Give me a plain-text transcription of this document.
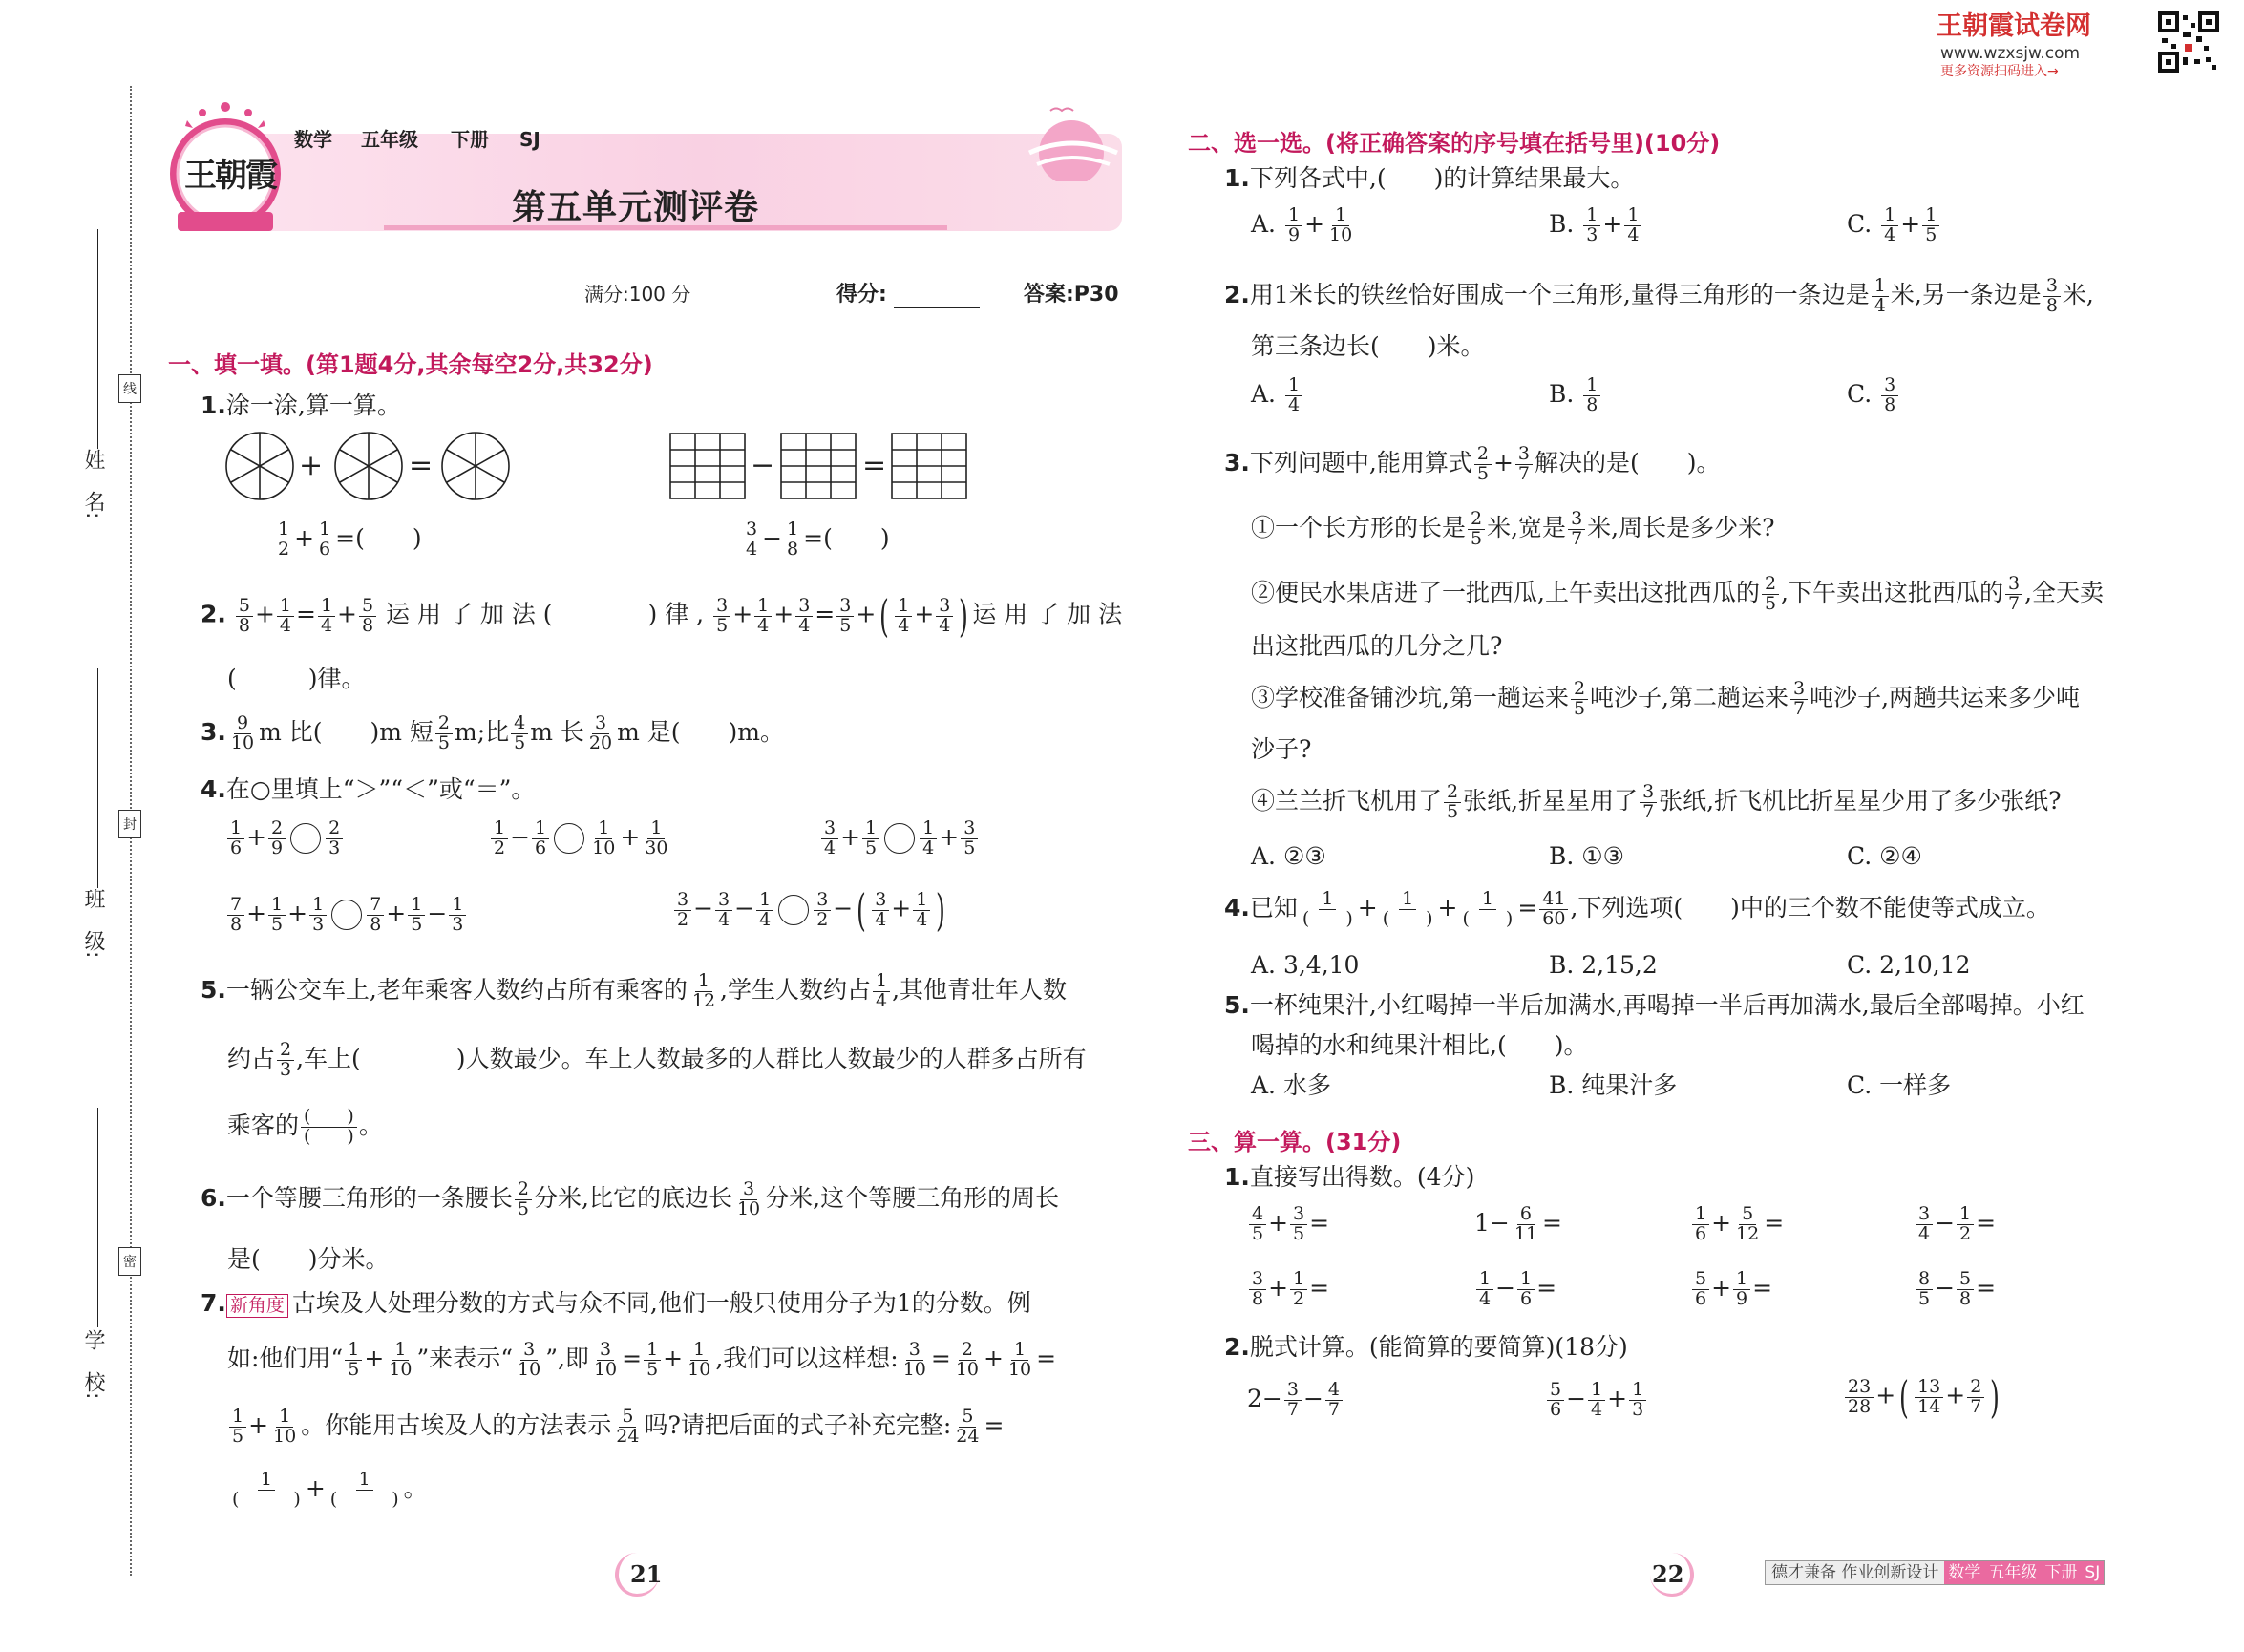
王朝霞试卷网
www.wzxsjw.com
更多资源扫码进入→
线
封
密
姓　名:
班　级:
学　校:
王朝霞
数学 五年级 下册 SJ
第五单元测评卷
满分:100 分	得分:	答案:P30
一、填一填。(第1题4分,其余每空2分,共32分)
1.涂一涂,算一算。
+	=	−	=
$\frac{1}{2} + \frac{1}{6}$ =(　　)	$\frac{3}{4} - \frac{1}{8}$ =(　　)
2. $\frac{5}{8} + \frac{1}{4} = \frac{1}{4} + \frac{5}{8}$ 运 用 了 加 法 (　　　　) 律 , $\frac{3}{5} + \frac{1}{4} + \frac{3}{4} = \frac{3}{5}$ +( $\frac{1}{4} + \frac{3}{4}$ ) 运 用 了 加 法
(　　　)律。
3. $\frac{9}{10}$ m 比(　　)m 短 $\frac{2}{5} m$;比 $\frac{4}{5}$ m 长 $\frac{3}{20}$ m 是(　　)m。
4.在○里填上“＞”“＜”或“＝”。
$\frac{1}{6} + \frac{2}{9} \frac{2}{3}$	$\frac{1}{2} - \frac{1}{6} \frac{1}{10} + \frac{1}{30}$	$\frac{3}{4} + \frac{1}{5} \frac{1}{4} + \frac{3}{5}$
$\frac{7}{8} + \frac{1}{5} + \frac{1}{3} \frac{7}{8} + \frac{1}{5} - \frac{1}{3}$	$\frac{3}{2} - \frac{3}{4} - \frac{1}{4} \frac{3}{2}$ −( $\frac{3}{4} + \frac{1}{4}$ )
5.一辆公交车上,老年乘客人数约占所有乘客的 $\frac{1}{12}$ ,学生人数约占 $\frac{1}{4}$ ,其他青壮年人数
约占 $\frac{2}{3}$ ,车上(　　　　)人数最少。车上人数最多的人群比人数最少的人群多占所有
乘客的 (　　)
(　　) 。
6.一个等腰三角形的一条腰长 $\frac{2}{5}$ 分米,比它的底边长 $\frac{3}{10}$ 分米,这个等腰三角形的周长
是(　　)分米。
7. 新角度 古埃及人处理分数的方式与众不同,他们一般只使用分子为1的分数。例
如:他们用“ $\frac{1}{5} + \frac{1}{10}$ ”来表示“ $\frac{3}{10}$ ”,即 $\frac{3}{10} = \frac{1}{5} + \frac{1}{10}$ ,我们可以这样想: $\frac{3}{10} = \frac{2}{10} + \frac{1}{10}$ =
$\frac{1}{5} + \frac{1}{10}$ 。你能用古埃及人的方法表示 $\frac{5}{24}$ 吗?请把后面的式子补充完整: $\frac{5}{24}$ =
1
(　　　) + 1
(　　　) 。
21	22	德才兼备 作业创新设计 数学 五年级 下册 SJ
二、选一选。(将正确答案的序号填在括号里)(10分)
1.下列各式中,(　　)的计算结果最大。
A. $\frac{1}{9} + \frac{1}{10}$	B. $\frac{1}{3} + \frac{1}{4}$	C. $\frac{1}{4} + \frac{1}{5}$
2.用1米长的铁丝恰好围成一个三角形,量得三角形的一条边是 $\frac{1}{4}$ 米,另一条边是 $\frac{3}{8}$ 米,
第三条边长(　　)米。
A. $\frac{1}{4}$	B. $\frac{1}{8}$	C. $\frac{3}{8}$
3.下列问题中,能用算式 $\frac{2}{5} + \frac{3}{7}$ 解决的是(　　)。
①一个长方形的长是 $\frac{2}{5}$ 米,宽是 $\frac{3}{7}$ 米,周长是多少米?
②便民水果店进了一批西瓜,上午卖出这批西瓜的 $\frac{2}{5}$ ,下午卖出这批西瓜的 $\frac{3}{7}$ ,全天卖
出这批西瓜的几分之几?
③学校准备铺沙坑,第一趟运来 $\frac{2}{5}$ 吨沙子,第二趟运来 $\frac{3}{7}$ 吨沙子,两趟共运来多少吨
沙子?
④兰兰折飞机用了 $\frac{2}{5}$ 张纸,折星星用了 $\frac{3}{7}$ 张纸,折飞机比折星星少用了多少张纸?
A. ②③	B. ①③	C. ②④
4.已知 1
(　　) + 1
(　　) + 1
(　　) = $\frac{41}{60}$ ,下列选项(　　)中的三个数不能使等式成立。
A. 3,4,10	B. 2,15,2	C. 2,10,12
5.一杯纯果汁,小红喝掉一半后加满水,再喝掉一半后再加满水,最后全部喝掉。小红
喝掉的水和纯果汁相比,(　　)。
A. 水多	B. 纯果汁多	C. 一样多
三、算一算。(31分)
1.直接写出得数。(4分)
$\frac{4}{5} + \frac{3}{5}$ =	$1- \frac{6}{11}$ =	$\frac{1}{6} + \frac{5}{12}$ =	$\frac{3}{4} - \frac{1}{2}$ =
$\frac{3}{8} + \frac{1}{2}$ =	$\frac{1}{4} - \frac{1}{6}$ =	$\frac{5}{6} + \frac{1}{9}$ =	$\frac{8}{5} - \frac{5}{8}$ =
2.脱式计算。(能简算的要简算)(18分)
$2- \frac{3}{7} - \frac{4}{7}$	$\frac{5}{6} - \frac{1}{4} + \frac{1}{3}$	$\frac{23}{28}$ +( $\frac{13}{14} + \frac{2}{7}$ )
